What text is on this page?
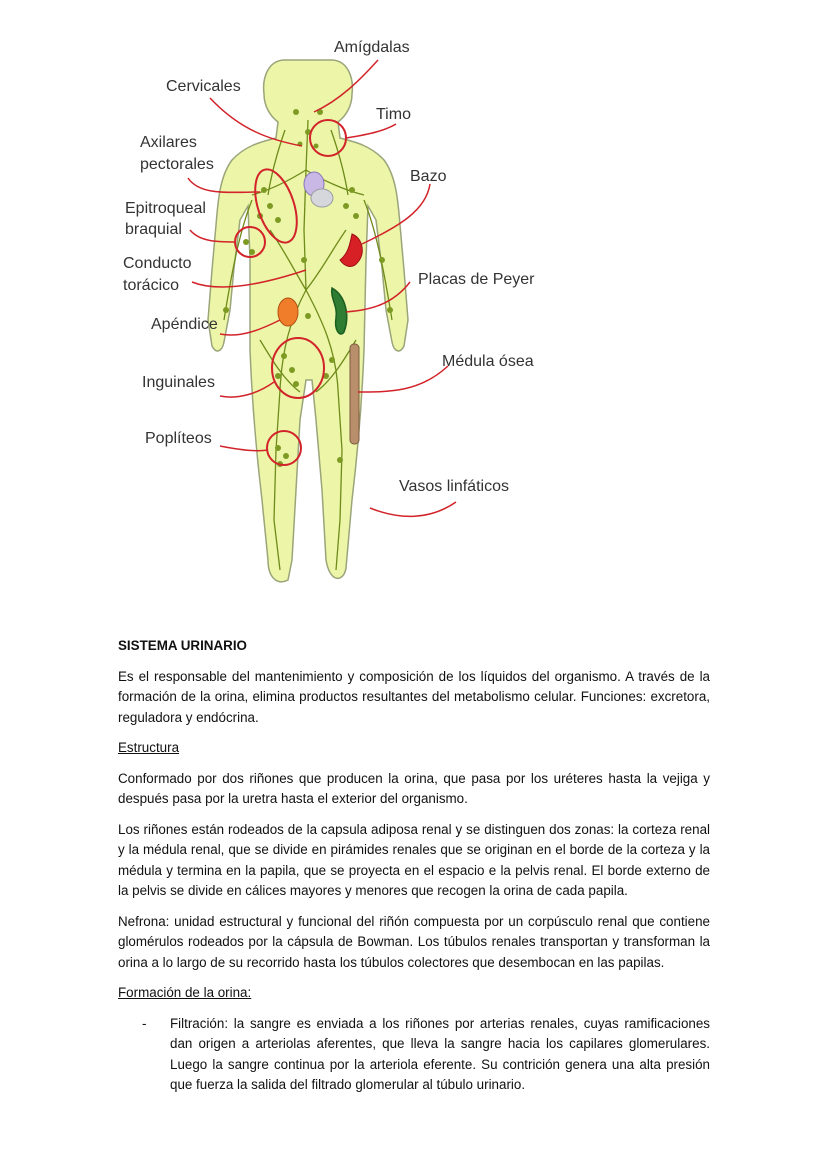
Amígdalas
Cervicales
Timo
Axilares
pectorales
Bazo
Epitroqueal
braquial
Conducto
torácico	Placas de Peyer
Apéndice
Médula ósea
Inguinales
Poplíteos
Vasos linfáticos
SISTEMA URINARIO

Es el responsable del mantenimiento y composición de los líquidos del organismo. A través de la formación de la orina, elimina productos resultantes del metabolismo celular. Funciones: excretora, reguladora y endócrina.

Estructura

Conformado por dos riñones que producen la orina, que pasa por los uréteres hasta la vejiga y después pasa por la uretra hasta el exterior del organismo.

Los riñones están rodeados de la capsula adiposa renal y se distinguen dos zonas: la corteza renal y la médula renal, que se divide en pirámides renales que se originan en el borde de la corteza y la médula y termina en la papila, que se proyecta en el espacio e la pelvis renal. El borde externo de la pelvis se divide en cálices mayores y menores que recogen la orina de cada papila.

Nefrona: unidad estructural y funcional del riñón compuesta por un corpúsculo renal que contiene glomérulos rodeados por la cápsula de Bowman. Los túbulos renales transportan y transforman la orina a lo largo de su recorrido hasta los túbulos colectores que desembocan en las papilas.

Formación de la orina:
- Filtración: la sangre es enviada a los riñones por arterias renales, cuyas ramificaciones dan origen a arteriolas aferentes, que lleva la sangre hacia los capilares glomerulares. Luego la sangre continua por la arteriola eferente. Su contrición genera una alta presión que fuerza la salida del filtrado glomerular al túbulo urinario.
